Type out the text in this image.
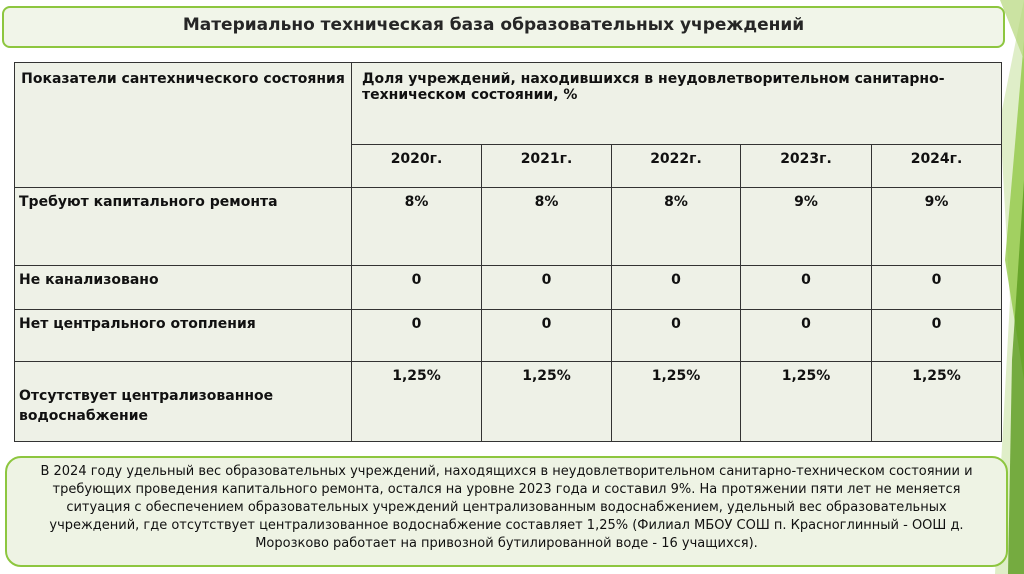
Материально техническая база образовательных учреждений
Показатели сантехнического состояния	Доля учреждений, находившихся в неудовлетворительном санитарно-техническом состоянии, %				
	2020г.	2021г.	2022г.	2023г.	2024г.
Требуют капитального ремонта	8%	8%	8%	9%	9%
Не канализовано	0	0	0	0	0
Нет центрального отопления	0	0	0	0	0
Отсутствует централизованное водоснабжение	1,25%	1,25%	1,25%	1,25%	1,25%
В 2024 году удельный вес образовательных учреждений, находящихся в неудовлетворительном санитарно-техническом состоянии и требующих проведения капитального ремонта, остался на уровне 2023 года и составил 9%. На протяжении пяти лет не меняется ситуация с обеспечением образовательных учреждений централизованным водоснабжением, удельный вес образовательных учреждений, где отсутствует централизованное водоснабжение составляет 1,25% (Филиал МБОУ СОШ п. Красноглинный - ООШ д. Морозково работает на привозной бутилированной воде - 16 учащихся).
